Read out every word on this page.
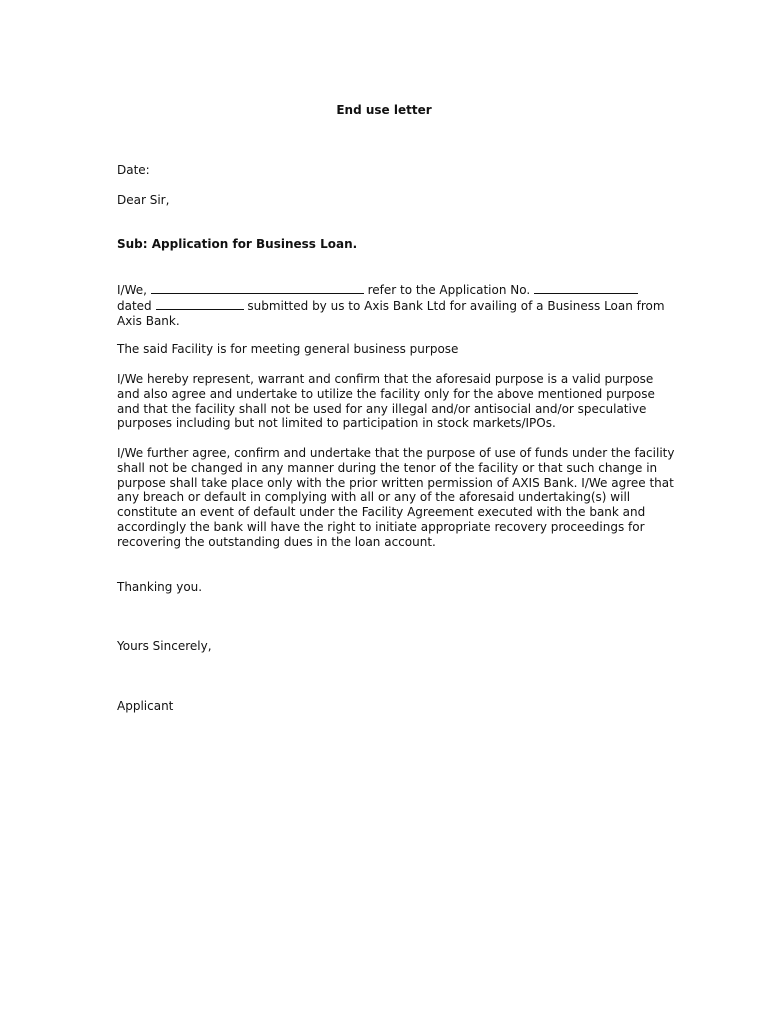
End use letter
Date:
Dear Sir,
Sub: Application for Business Loan.
I/We,	refer to the Application No.
dated	submitted by us to Axis Bank Ltd for availing of a Business Loan from
Axis Bank.
The said Facility is for meeting general business purpose
I/We hereby represent, warrant and confirm that the aforesaid purpose is a valid purpose
and also agree and undertake to utilize the facility only for the above mentioned purpose
and that the facility shall not be used for any illegal and/or antisocial and/or speculative
purposes including but not limited to participation in stock markets/IPOs.
I/We further agree, confirm and undertake that the purpose of use of funds under the facility
shall not be changed in any manner during the tenor of the facility or that such change in
purpose shall take place only with the prior written permission of AXIS Bank. I/We agree that
any breach or default in complying with all or any of the aforesaid undertaking(s) will
constitute an event of default under the Facility Agreement executed with the bank and
accordingly the bank will have the right to initiate appropriate recovery proceedings for
recovering the outstanding dues in the loan account.
Thanking you.
Yours Sincerely,
Applicant
